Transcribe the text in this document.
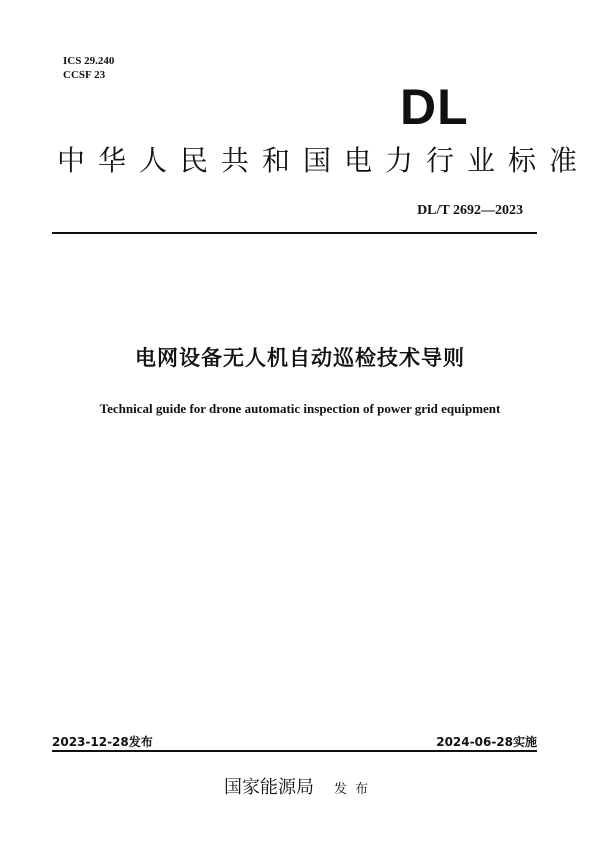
ICS 29.240
CCSF 23
DL
中华人民共和国电力行业标准
DL/T 2692—2023
电网设备无人机自动巡检技术导则
Technical guide for drone automatic inspection of power grid equipment
2023-12-28发布	2024-06-28实施
国家能源局 发布
